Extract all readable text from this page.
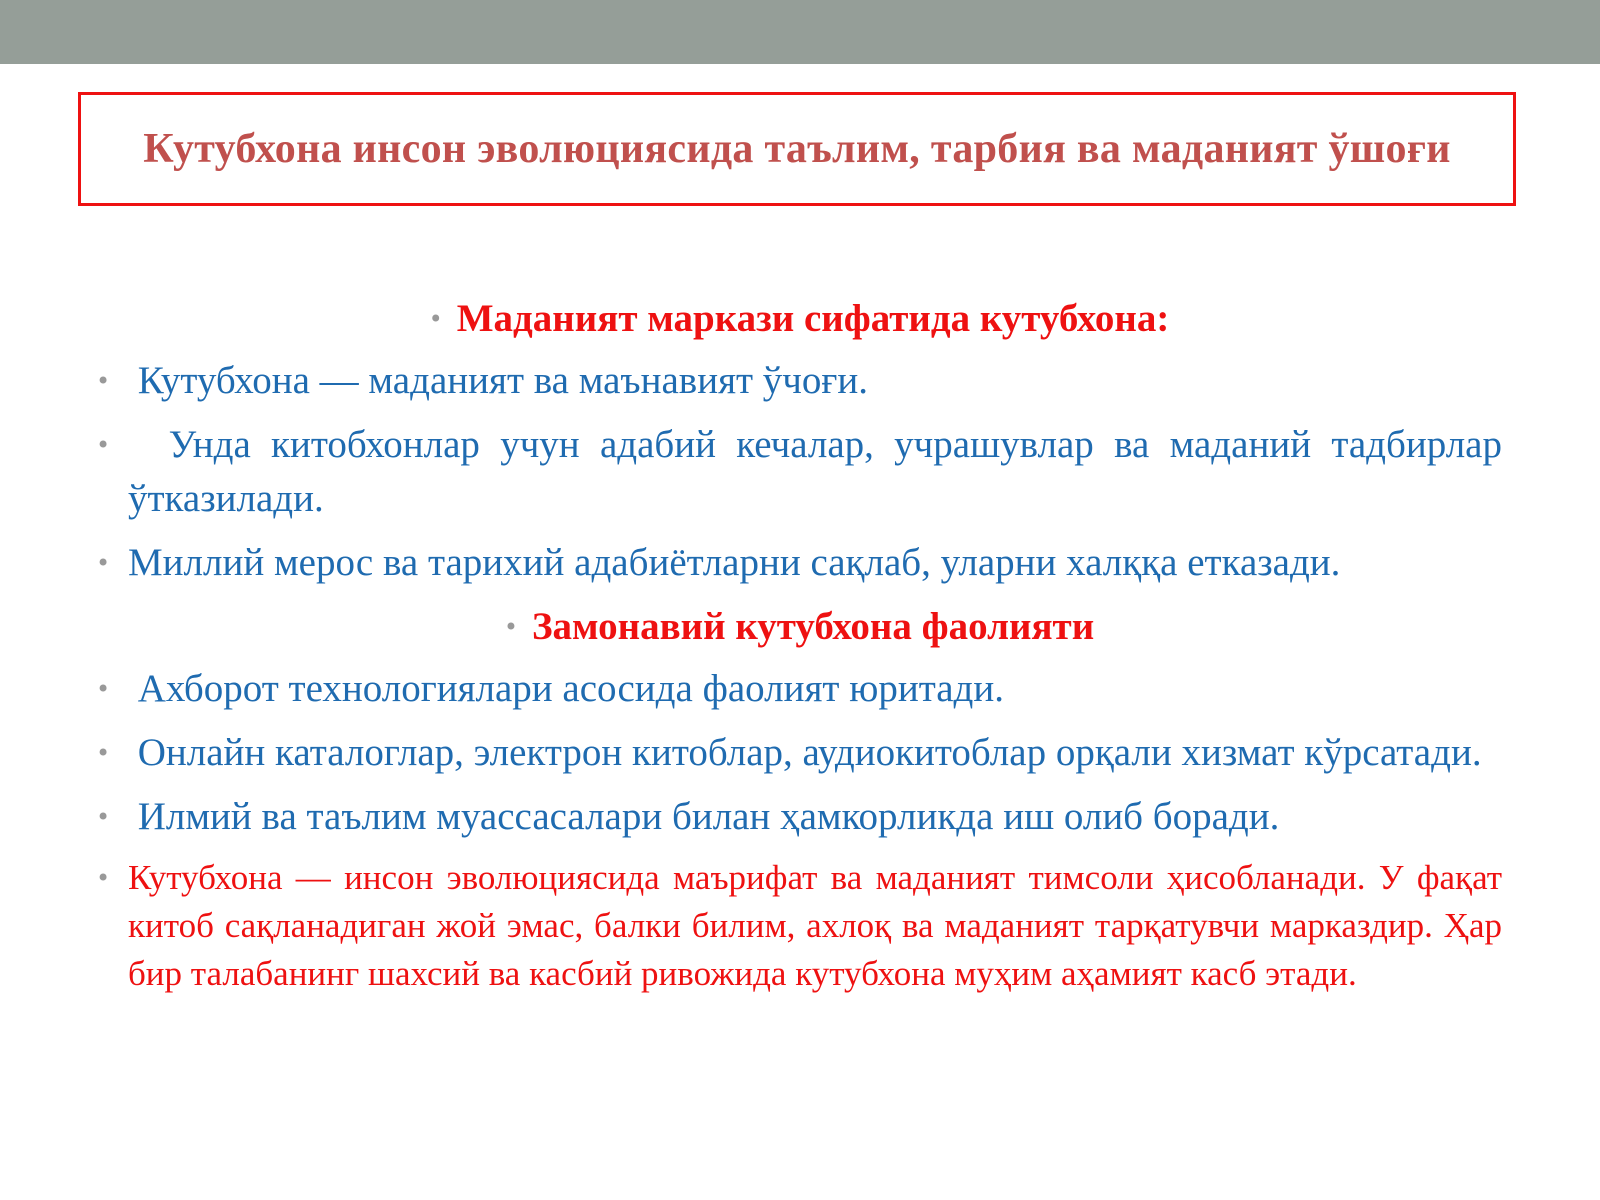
Кутубхона инсон эволюциясида таълим, тарбия ва маданият ўшоғи
• Маданият маркази сифатида кутубхона:
• Кутубхона — маданият ва маънавият ўчоғи.
• Унда китобхонлар учун адабий кечалар, учрашувлар ва маданий тадбирлар ўтказилади.
• Миллий мерос ва тарихий адабиётларни сақлаб, уларни халққа етказади.
• Замонавий кутубхона фаолияти
• Ахборот технологиялари асосида фаолият юритади.
• Онлайн каталоглар, электрон китоблар, аудиокитоблар орқали хизмат кўрсатади.
• Илмий ва таълим муассасалари билан ҳамкорликда иш олиб боради.
• Кутубхона — инсон эволюциясида маърифат ва маданият тимсоли ҳисобланади. У фақат китоб сақланадиган жой эмас, балки билим, ахлоқ ва маданият тарқатувчи марказдир. Ҳар бир талабанинг шахсий ва касбий ривожида кутубхона муҳим аҳамият касб этади.
